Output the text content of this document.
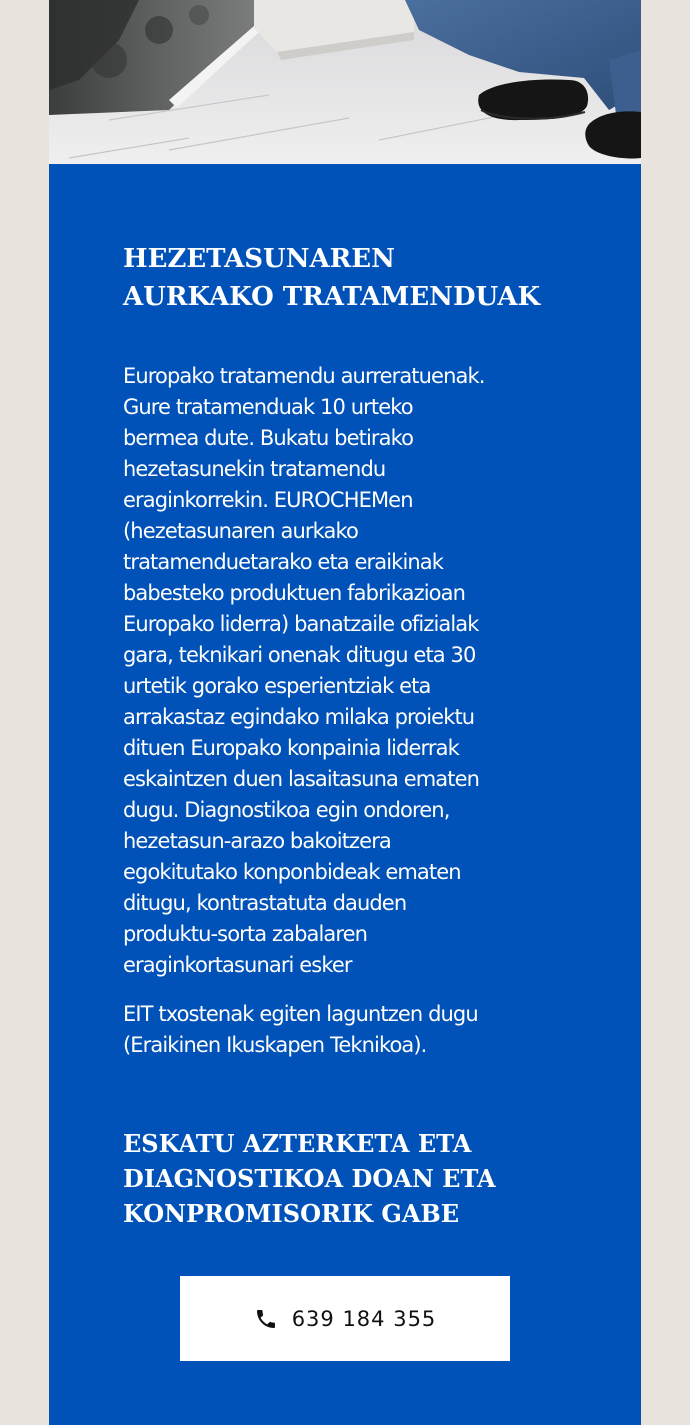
HEZETASUNAREN
AURKAKO TRATAMENDUAK

Europako tratamendu aurreratuenak.
Gure tratamenduak 10 urteko
bermea dute. Bukatu betirako
hezetasunekin tratamendu
eraginkorrekin. EUROCHEMen
(hezetasunaren aurkako
tratamenduetarako eta eraikinak
babesteko produktuen fabrikazioan
Europako liderra) banatzaile ofizialak
gara, teknikari onenak ditugu eta 30
urtetik gorako esperientziak eta
arrakastaz egindako milaka proiektu
dituen Europako konpainia liderrak
eskaintzen duen lasaitasuna ematen
dugu. Diagnostikoa egin ondoren,
hezetasun-arazo bakoitzera
egokitutako konponbideak ematen
ditugu, kontrastatuta dauden
produktu-sorta zabalaren
eraginkortasunari esker

EIT txostenak egiten laguntzen dugu
(Eraikinen Ikuskapen Teknikoa).

ESKATU AZTERKETA ETA
DIAGNOSTIKOA DOAN ETA
KONPROMISORIK GABE
639 184 355
